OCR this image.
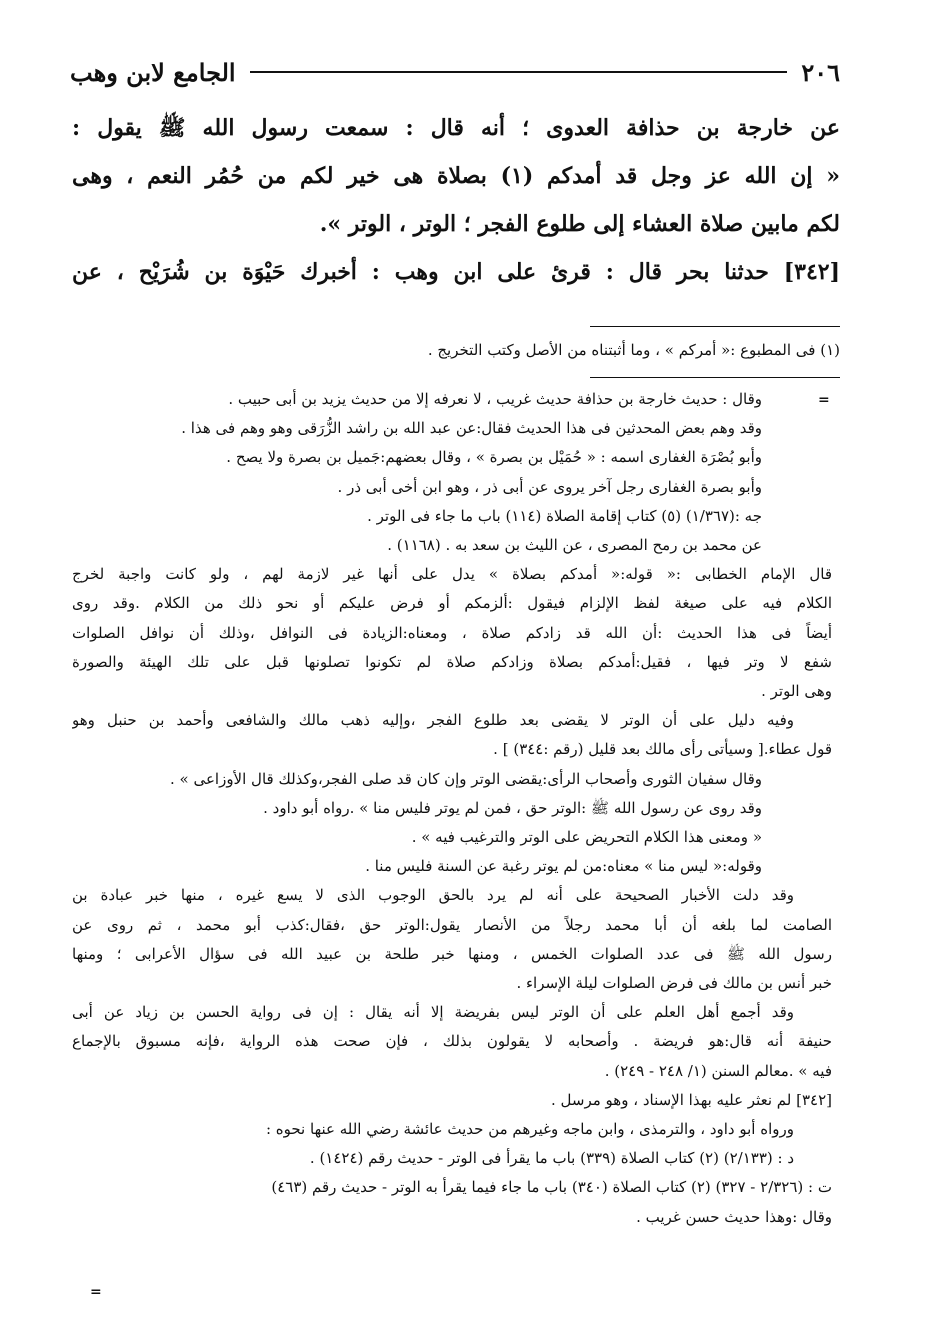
٢٠٦
الجامع لابن وهب
عن خارجة بن حذافة العدوى ؛ أنه قال : سمعت رسول الله ﷺ يقول :
« إن الله عز وجل قد أمدكم (١) بصلاة هى خير لكم من حُمُر النعم ، وهى
لكم مابين صلاة العشاء إلى طلوع الفجر ؛ الوتر ، الوتر ».
[٣٤٢] حدثنا بحر قال : قرئ على ابن وهب : أخبرك حَيْوَة بن شُرَيْح ، عن
(١) فى المطبوع :« أمركم » ، وما أثبتناه من الأصل وكتب التخريج .
=
=
وقال : حديث خارجة بن حذافة حديث غريب ، لا نعرفه إلا من حديث يزيد بن أبى حبيب .
وقد وهم بعض المحدثين فى هذا الحديث فقال:عن عبد الله بن راشد الزُّرَقى وهو وهم فى هذا .
وأبو بُصْرَة الغفارى اسمه : « حُمَيْل بن بصرة » ، وقال بعضهم:جَميل بن بصرة ولا يصح .
وأبو بصرة الغفارى رجل آخر يروى عن أبى ذر ، وهو ابن أخى أبى ذر .
جه :(١/٣٦٧) (٥) كتاب إقامة الصلاة (١١٤) باب ما جاء فى الوتر .
عن محمد بن رمح المصرى ، عن الليث بن سعد به . (١١٦٨) .
قال الإمام الخطابى :« قوله:« أمدكم بصلاة » يدل على أنها غير لازمة لهم ، ولو كانت واجبة لخرج
الكلام فيه على صيغة لفظ الإلزام فيقول :ألزمكم أو فرض عليكم أو نحو ذلك من الكلام .وقد روى
أيضاً فى هذا الحديث :أن الله قد زادكم صلاة ، ومعناه:الزيادة فى النوافل ،وذلك أن نوافل الصلوات
شفع لا وتر فيها ، فقيل:أمدكم بصلاة وزادكم صلاة لم تكونوا تصلونها قبل على تلك الهيئة والصورة
وهى الوتر .
وفيه دليل على أن الوتر لا يقضى بعد طلوع الفجر ،وإليه ذهب مالك والشافعى وأحمد بن حنبل وهو
قول عطاء.[ وسيأتى رأى مالك بعد قليل (رقم :٣٤٤) ] .
وقال سفيان الثورى وأصحاب الرأى:يقضى الوتر وإن كان قد صلى الفجر،وكذلك قال الأوزاعى » .
وقد روى عن رسول الله ﷺ :الوتر حق ، فمن لم يوتر فليس منا » .رواه أبو داود .
« ومعنى هذا الكلام التحريض على الوتر والترغيب فيه » .
وقوله:« ليس منا » معناه:من لم يوتر رغبة عن السنة فليس منا .
وقد دلت الأخبار الصحيحة على أنه لم يرد بالحق الوجوب الذى لا يسع غيره ، منها خبر عبادة بن
الصامت لما بلغه أن أبا محمد رجلاً من الأنصار يقول:الوتر حق ،فقال:كذب أبو محمد ، ثم روى عن
رسول الله ﷺ فى عدد الصلوات الخمس ، ومنها خبر طلحة بن عبيد الله فى سؤال الأعرابى ؛ ومنها
خبر أنس بن مالك فى فرض الصلوات ليلة الإسراء .
وقد أجمع أهل العلم على أن الوتر ليس بفريضة إلا أنه يقال : إن فى رواية الحسن بن زياد عن أبى
حنيفة أنه قال:هو فريضة . وأصحابه لا يقولون بذلك ، فإن صحت هذه الرواية ،فإنه مسبوق بالإجماع
فيه » .معالم السنن (١/ ٢٤٨ - ٢٤٩) .
[٣٤٢] لم نعثر عليه بهذا الإسناد ، وهو مرسل .
ورواه أبو داود ، والترمذى ، وابن ماجه وغيرهم من حديث عائشة رضي الله عنها نحوه :
د : (٢/١٣٣) (٢) كتاب الصلاة (٣٣٩) باب ما يقرأ فى الوتر - حديث رقم (١٤٢٤) .
ت : (٢/٣٢٦ - ٣٢٧) (٢) كتاب الصلاة (٣٤٠) باب ما جاء فيما يقرأ به الوتر - حديث رقم (٤٦٣)
وقال :وهذا حديث حسن غريب .
